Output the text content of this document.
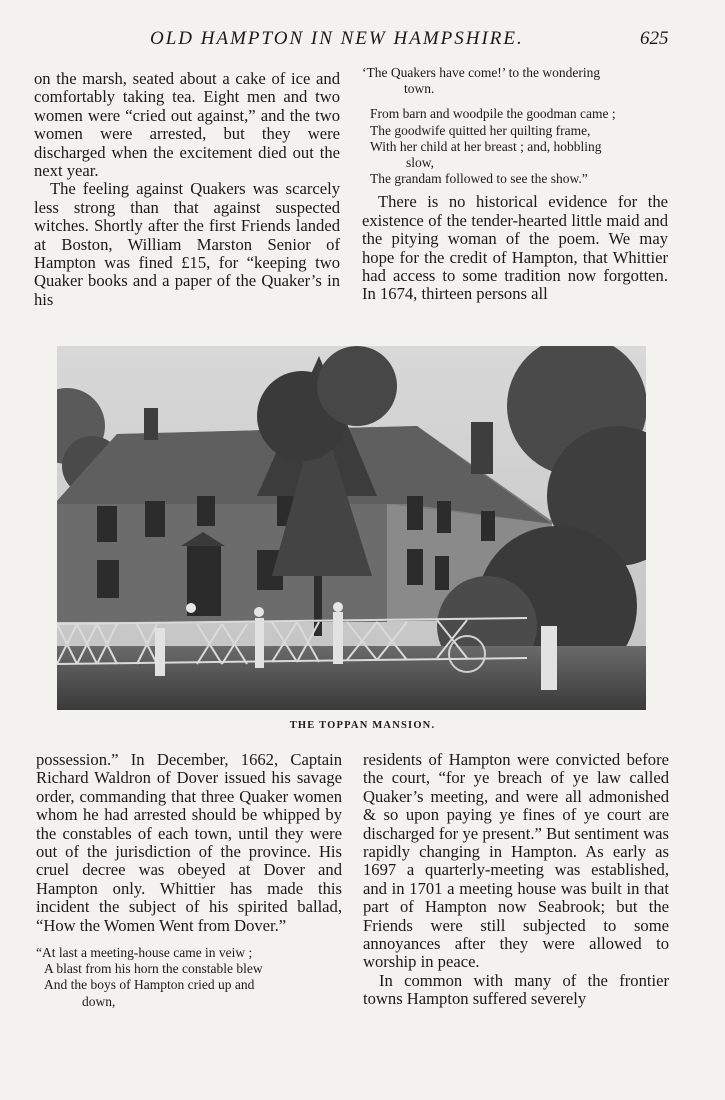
OLD HAMPTON IN NEW HAMPSHIRE.	625

on the marsh, seated about a cake of ice and comfortably taking tea. Eight men and two women were “cried out against,” and the two women were arrested, but they were discharged when the excitement died out the next year.

The feeling against Quakers was scarcely less strong than that against suspected witches. Shortly after the first Friends landed at Boston, William Marston Senior of Hampton was fined £15, for “keeping two Quaker books and a paper of the Quaker’s in his

‘The Quakers have come!’ to the wondering
town.
From barn and woodpile the goodman came ;
The goodwife quitted her quilting frame,
With her child at her breast ; and, hobbling
slow,
The grandam followed to see the show.”

There is no historical evidence for the existence of the tender-hearted little maid and the pitying woman of the poem. We may hope for the credit of Hampton, that Whittier had access to some tradition now forgotten. In 1674, thirteen persons all

THE TOPPAN MANSION.

possession.” In December, 1662, Captain Richard Waldron of Dover issued his savage order, commanding that three Quaker women whom he had arrested should be whipped by the constables of each town, until they were out of the jurisdiction of the province. His cruel decree was obeyed at Dover and Hampton only. Whittier has made this incident the subject of his spirited ballad, “How the Women Went from Dover.”

“At last a meeting-house came in veiw ;
A blast from his horn the constable blew
And the boys of Hampton cried up and
down,

residents of Hampton were convicted before the court, “for ye breach of ye law called Quaker’s meeting, and were all admonished & so upon paying ye fines of ye court are discharged for ye present.” But sentiment was rapidly changing in Hampton. As early as 1697 a quarterly-meeting was established, and in 1701 a meeting house was built in that part of Hampton now Seabrook; but the Friends were still subjected to some annoyances after they were allowed to worship in peace.

In common with many of the frontier towns Hampton suffered severely
